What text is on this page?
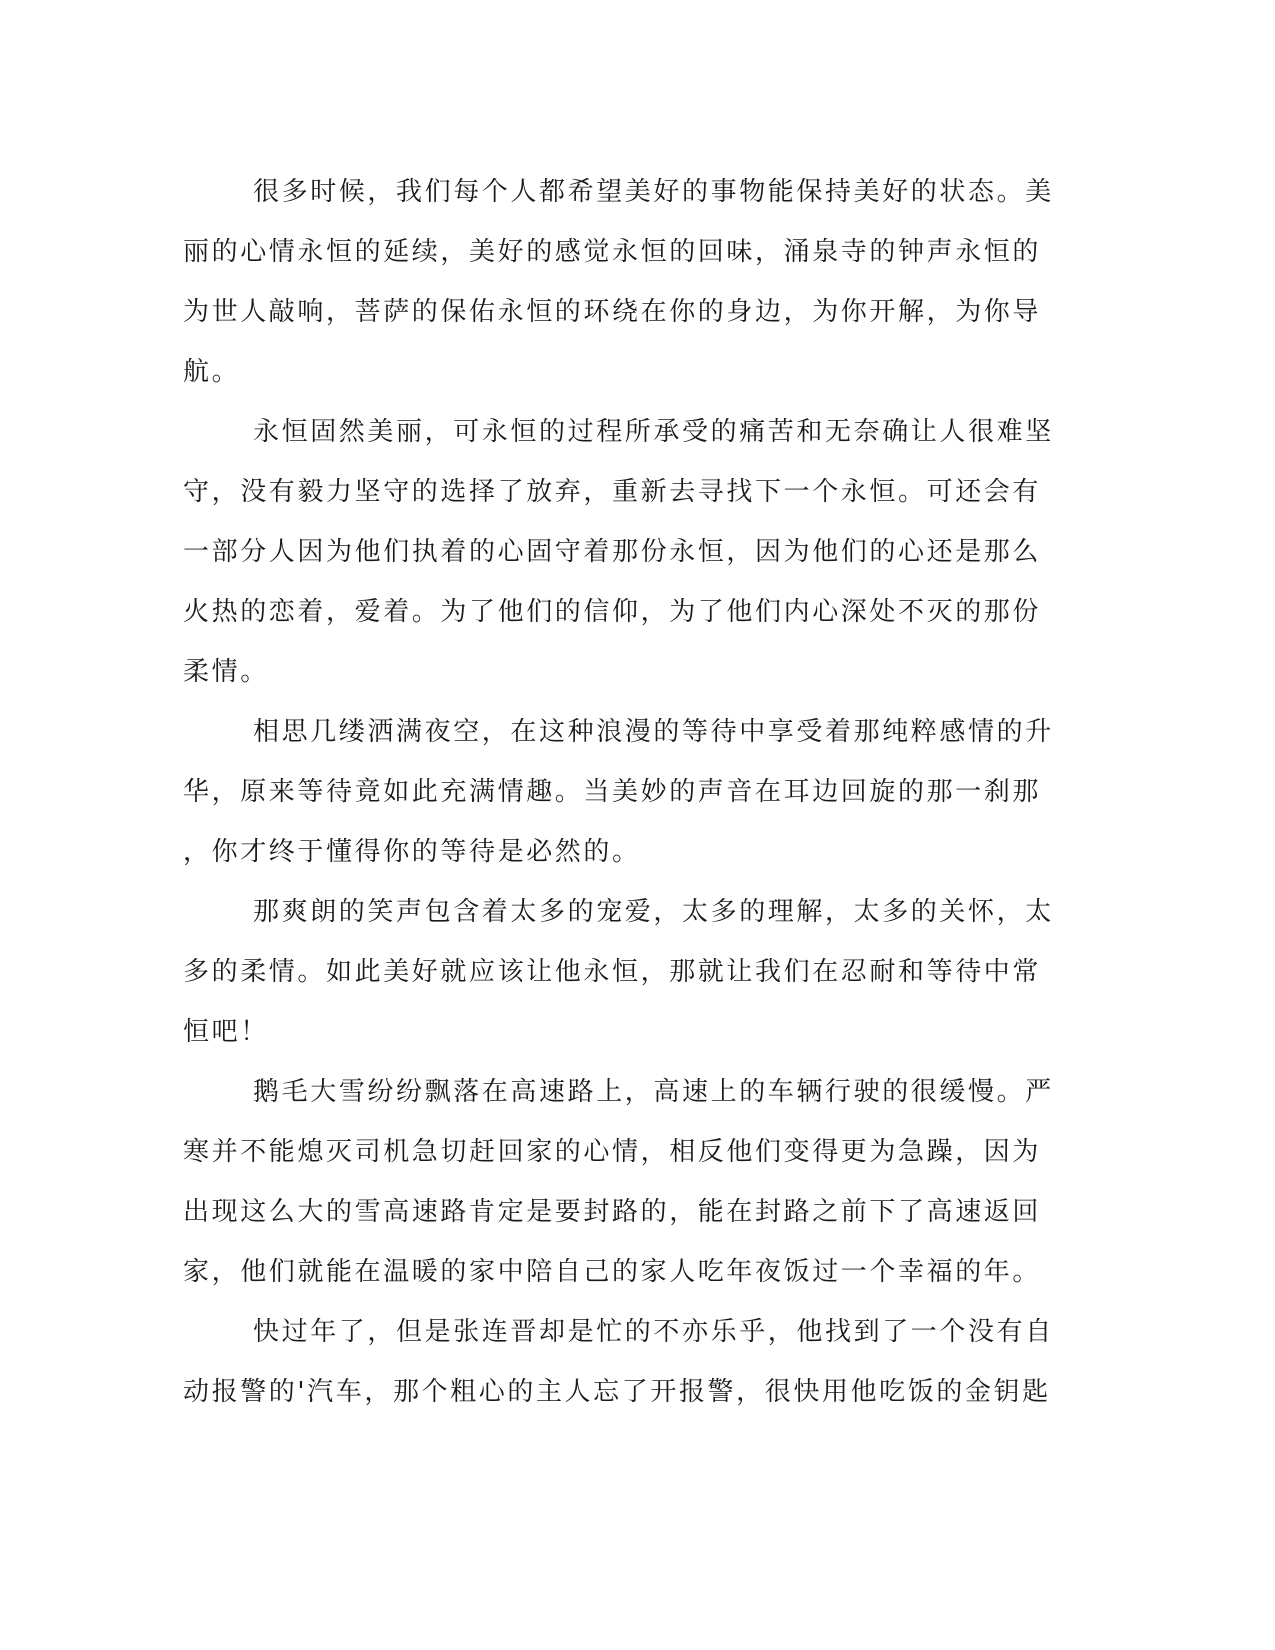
很多时候，我们每个人都希望美好的事物能保持美好的状态。美
丽的心情永恒的延续，美好的感觉永恒的回味，涌泉寺的钟声永恒的
为世人敲响，菩萨的保佑永恒的环绕在你的身边，为你开解，为你导
航。
永恒固然美丽，可永恒的过程所承受的痛苦和无奈确让人很难坚
守，没有毅力坚守的选择了放弃，重新去寻找下一个永恒。可还会有
一部分人因为他们执着的心固守着那份永恒，因为他们的心还是那么
火热的恋着，爱着。为了他们的信仰，为了他们内心深处不灭的那份
柔情。
相思几缕洒满夜空，在这种浪漫的等待中享受着那纯粹感情的升
华，原来等待竟如此充满情趣。当美妙的声音在耳边回旋的那一刹那
，你才终于懂得你的等待是必然的。
那爽朗的笑声包含着太多的宠爱，太多的理解，太多的关怀，太
多的柔情。如此美好就应该让他永恒，那就让我们在忍耐和等待中常
恒吧！
鹅毛大雪纷纷飘落在高速路上，高速上的车辆行驶的很缓慢。严
寒并不能熄灭司机急切赶回家的心情，相反他们变得更为急躁，因为
出现这么大的雪高速路肯定是要封路的，能在封路之前下了高速返回
家，他们就能在温暖的家中陪自己的家人吃年夜饭过一个幸福的年。
快过年了，但是张连晋却是忙的不亦乐乎，他找到了一个没有自
动报警的'汽车，那个粗心的主人忘了开报警，很快用他吃饭的金钥匙
